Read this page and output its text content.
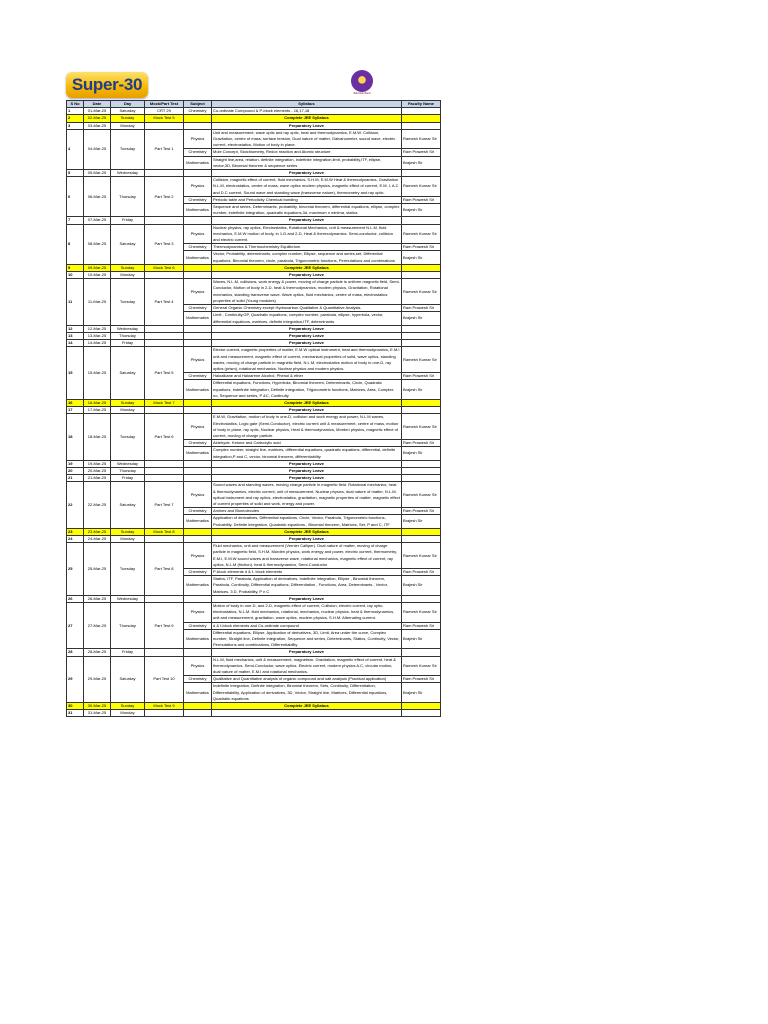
Super-30	JEE Main Batch
S No	Date	Day	Mock/Part Test	Subject	Syllabus	Faculty Name
1	01-Mar-25	Saturday	CRT 29	Chemistry	Co-ordinate Compound & P-block elements - 16,17,18	
2	02-Mar-25	Sunday	Mock Test 5		Complete JEE Syllabus	
3	03-Mar-25	Monday			Preparatory Leave	
4	04-Mar-25	Tuesday	Part Test 1	Physics	Unit and measurement, wave optic and ray optic, heat and thermodynamics, E.M.W. Collision, Gravitation, centre of mass, surface tension, Dual nature of matter, Galvanometer, sound wave, electric current, electrostatics, Motion of body in plane.	Ramesh Kumar Sir
				Chemistry	Mole Concept, Stoichiometry, Redox reaction and Atomic structure	Ram Prawesh Sir
				Mathematics	Straight line,area, relation, definite integration, indefinite integration,limit, probability,ITF, ellipse, vector,3D, Binomial theorem & sequence series	Brajesh Sir
5	05-Mar-25	Wednesday			Preparatory Leave	
6	06-Mar-25	Thursday	Part Test 2	Physics	Collision, magnetic effect of current, fluid mechanics, S.H.M, E.M.W Heat & thermodynamics, Gravitation N.L.M, electrostatics, centre of mass, wave optics modern physics, magnetic effect of current, E.M. I, A.C and D.C current, Sound wave and standing wave (transverse nature), thermometry and ray optic.	Ramesh Kumar Sir
				Chemistry	Periodic table and Periodicity Chemical bonding	Ram Prawesh Sir
				Mathematics	Sequence and series, Determinants, probability, binomial theorem, differential equations, ellipse, complex number, indefinite integration, quadratic equations,3d, maximum n minima, statics	Brajesh Sir
7	07-Mar-25	Friday			Preparatory Leave	
8	08-Mar-25	Saturday	Part Test 3	Physics	Nuclear physics, ray optics, Electrostatics, Rotational Mechanics, unit & measurement N.L.M, fluid mechanics, E.M.W motion of body, in 1-D and 2-D, Heat & thermodynamics. Semi-conductor, collision and electric current.	Ramesh Kumar Sir
				Chemistry	Thermodynamics & Thermochemistry Equilibrium	Ram Prawesh Sir
				Mathematics	Vector, Probability, determinants, complex number, Ellipse, sequence and series,set, Differential equations, Binomial theorem, circle, parabola, Trigonometric functions, Permutations and combinations	Brajesh Sir
9	09-Mar-25	Sunday	Mock Test 6		Complete JEE Syllabus	
10	10-Mar-25	Monday			Preparatory Leave	
11	11-Mar-25	Tuesday	Part Test 4	Physics	Waves, N.L.M, collisions, work energy & power, moving of charge particle is uniform magnetic field, Semi-Conductor, Motion of body in 2-D, heat & thermodynamics, modern physics, Gravitation, Rotational mechanics, standing transverse wave. Wave optics, fluid mechanics, centre of mass, electrostatics properties of solid (Young modules)	Ramesh Kumar Sir
				Chemistry	General Organic Chemistry except Hydrocarbon Qualitative & Quantitative Analysis.	Ram Prawesh Sir
				Mathematics	Limit , Continuity,GP, Quadratic equations, complex number, parabola, ellipse, hyperbola, vector, differential equations, matrices, definite integration,ITF, determinants	Brajesh Sir
12	12-Mar-25	Wednesday			Preparatory Leave	
13	13-Mar-25	Thursday			Preparatory Leave	
14	14-Mar-25	Friday			Preparatory Leave	
15	15-Mar-25	Saturday	Part Test 5	Physics	Elector current, magnetic properties of matter, E.M.W optical instrument, heat and thermodynamics, E.M.I unit and measurement, magnetic effect of current, mechanical properties of solid, wave optics, standing waves, moving of charge particle in magnetic field, N.L.M, electrostatics motion of body in one-D, ray optics (prism), rotational mechanics. Nuclear physics and modern physics.	Ramesh Kumar Sir
				Chemistry	Haloalkane and Haloarene Alcohol, Phenol & ether	Ram Prawesh Sir
				Mathematics	Differential equations, Functions, Hyperbola, Binomial theorem, Determinants, Circle, Quadratic equations, Indefinite integration, Definite integration, Trigonometric functions, Matrices, Area, Complex no, Sequence and series, P &C, Continuity	Brajesh Sir
16	16-Mar-25	Sunday	Mock Test 7		Complete JEE Syllabus	
17	17-Mar-25	Monday			Preparatory Leave	
18	18-Mar-25	Tuesday	Part Test 6	Physics	E.M.W, Gravitation, motion of body in one-D, collision and work energy and power, N.L.M waves, Electrostatics, Logic gate (Semi-Conductor), electric current unit & measurement, centre of mass, motion of body in plane, ray optic, Nuclear physics, Heat & thermodynamics, Morden physics, magnetic effect of current, moving of charge particle.	Ramesh Kumar Sir
				Chemistry	Aldehyde. Ketone and Carboxylic acid	Ram Prawesh Sir
				Mathematics	Complex number, straight line, matrices, differential equations, quadratic equations, differential, definite integration,P and C, vector, binomial theorem, differentiability	Brajesh Sir
19	19-Mar-25	Wednesday			Preparatory Leave	
20	20-Mar-25	Thursday			Preparatory Leave	
21	21-Mar-25	Friday			Preparatory Leave	
22	22-Mar-25	Saturday	Part Test 7	Physics	Sound waves and standing waves, moving charge particle in magnetic field. Rotational mechanics, heat & thermodynamics, electric current, unit of measurement, Nuclear physics, dual nature of matter, N.L.M, optical instrument and ray optics, electrostatics, gravitation, magnetic properties of matter, magnetic effect of current properties of solid and work, energy and power.	Ramesh Kumar Sir
				Chemistry	Amines and Biomolecules	Ram Prawesh Sir
				Mathematics	Application of derivatives, Differential equations, Circle, Vector, Parabola, Trigonometric functions, Probability, Definite integration, Quadratic equations , Binomial theorem, Matrices, Set, P and C, ITF	Brajesh Sir
23	23-Mar-25	Sunday	Mock Test 8		Complete JEE Syllabus	
24	24-Mar-25	Monday			Preparatory Leave	
25	25-Mar-25	Tuesday	Part Test 8	Physics	Fluid mechanics, unit and measurement (Vernier Calliper). Dual nature of matter, moving of charge particle in magnetic field, S.H.M, Morden physics, work energy and power, electric current, thermometry, E.M.I, E.M.W sound waves and transverse wave, rotational mechanics, magnetic effect of current, ray optics, N.L.M (friction). heat & thermodynamics, Semi-Conductor	Ramesh Kumar Sir
				Chemistry	P-block elements d & f- block elements	Ram Prawesh Sir
				Mathematics	Statics, ITF, Parabola, Application of derivatives, Indefinite integration, Ellipse , Binomial theorem, Parabola, Continuity, Differential equations, Differentiation , Functions, Area, Determinants , Vector, Matrices, 3 D, Probability, P n C	Brajesh Sir
26	26-Mar-25	Wednesday			Preparatory Leave	
27	27-Mar-25	Thursday	Part Test 9	Physics	Motion of body in one-D, and 2-D, magnetic effect of current, Collision, electric current, ray optic, electrostatics, N.L.M. fluid mechanics, rotational, mechanics, nuclear physics. heat & thermodynamics, unit and measurement, gravitation, wave optics, modern physics, S.H.M, Alternating current.	Ramesh Kumar Sir
				Chemistry	d & f-block elements and Co-ordinate compound	Ram Prawesh Sir
				Mathematics	Differential equations, Ellipse, Application of derivatives, 3D, Limit, Area under the curve, Complex number, Straight line, Definite integration, Sequence and series, Determinants, Statics, Continuity, Vector, Permutations and combinations, Differentiability	Brajesh Sir
28	28-Mar-25	Friday			Preparatory Leave	
29	29-Mar-25	Saturday	Part Test 10	Physics	N.L.M, fluid mechanics, unit & measurement, magnetism. Gravitation, magnetic effect of current, heat & thermodynamics. Semi-Conductor, wave optics. Electric current, modern physics A.C, circular motion, dual nature of matter, E.M.I and rotational mechanics.	Ramesh Kumar Sir
				Chemistry	Qualitative and Quantitative analysis of organic compound and salt analysis (Practical application)	Ram Prawesh Sir
				Mathematics	Indefinite integration, Definite integration, Binomial theorem, Sets, Continuity, Differentiation, Differentiability, Application of derivatives, 3D, Vector, Straight line, Matrices, Differential equations, Quadratic equations	Brajesh Sir
30	30-Mar-25	Sunday	Mock Test 9		Complete JEE Syllabus	
31	31-Mar-25	Monday				
